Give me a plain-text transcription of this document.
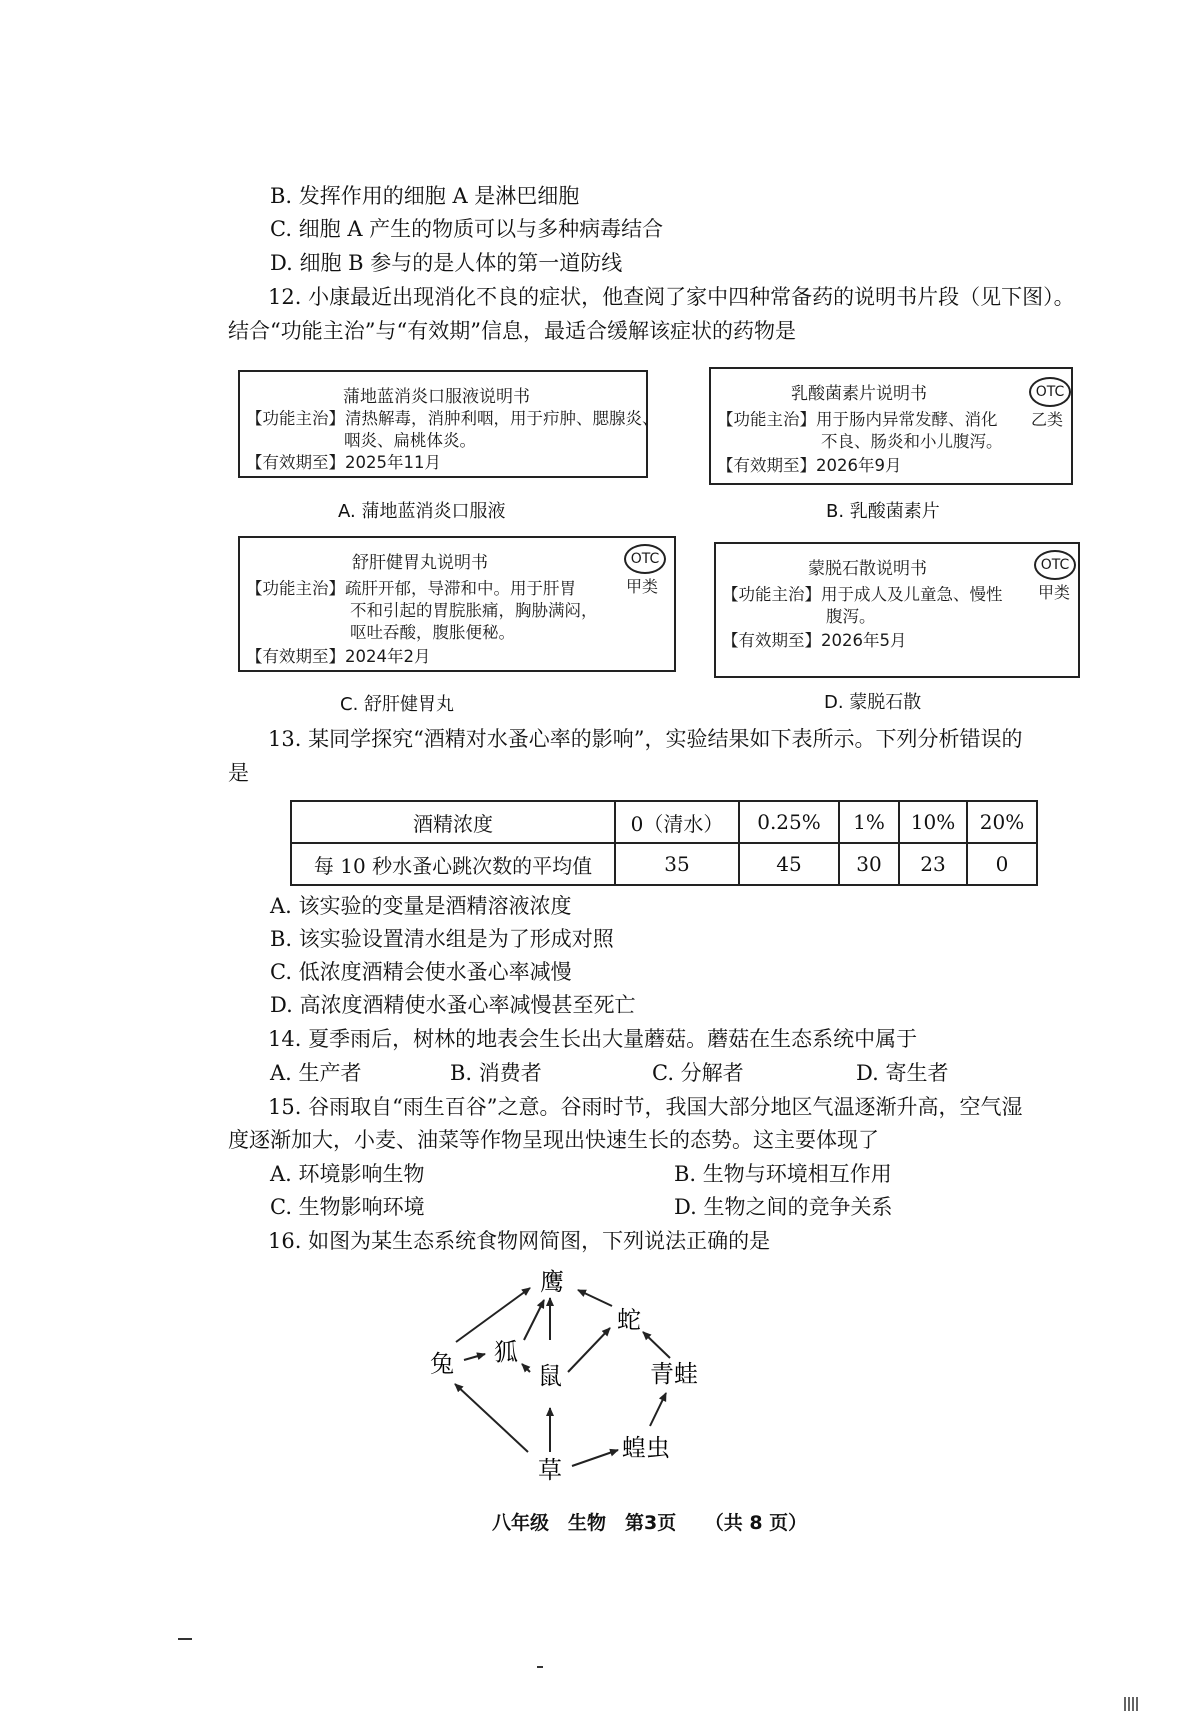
B. 发挥作用的细胞 A 是淋巴细胞
C. 细胞 A 产生的物质可以与多种病毒结合
D. 细胞 B 参与的是人体的第一道防线
12. 小康最近出现消化不良的症状，他查阅了家中四种常备药的说明书片段（见下图）。
结合“功能主治”与“有效期”信息，最适合缓解该症状的药物是
蒲地蓝消炎口服液说明书
【功能主治】清热解毒，消肿利咽，用于疖肿、腮腺炎、
咽炎、扁桃体炎。
【有效期至】2025年11月
A. 蒲地蓝消炎口服液
乳酸菌素片说明书	OTC
乙类
【功能主治】用于肠内异常发酵、消化
不良、肠炎和小儿腹泻。
【有效期至】2026年9月
B. 乳酸菌素片
舒肝健胃丸说明书	OTC
甲类
【功能主治】疏肝开郁，导滞和中。用于肝胃
不和引起的胃脘胀痛，胸胁满闷，
呕吐吞酸，腹胀便秘。
【有效期至】2024年2月
C. 舒肝健胃丸
蒙脱石散说明书	OTC
甲类
【功能主治】用于成人及儿童急、慢性
腹泻。
【有效期至】2026年5月
D. 蒙脱石散
13. 某同学探究“酒精对水蚤心率的影响”，实验结果如下表所示。下列分析错误的
是
酒精浓度	0（清水）	0.25%	1%	10%	20%
每 10 秒水蚤心跳次数的平均值	35	45	30	23	0
A. 该实验的变量是酒精溶液浓度
B. 该实验设置清水组是为了形成对照
C. 低浓度酒精会使水蚤心率减慢
D. 高浓度酒精使水蚤心率减慢甚至死亡
14. 夏季雨后，树林的地表会生长出大量蘑菇。蘑菇在生态系统中属于
A. 生产者	B. 消费者	C. 分解者	D. 寄生者
15. 谷雨取自“雨生百谷”之意。谷雨时节，我国大部分地区气温逐渐升高，空气湿
度逐渐加大，小麦、油菜等作物呈现出快速生长的态势。这主要体现了
A. 环境影响生物	B. 生物与环境相互作用
C. 生物影响环境	D. 生物之间的竞争关系
16. 如图为某生态系统食物网简图，下列说法正确的是
鹰
蛇
兔 狐
鼠	青蛙
蝗虫
草
八年级　生物　第3页　　（共 8 页）
